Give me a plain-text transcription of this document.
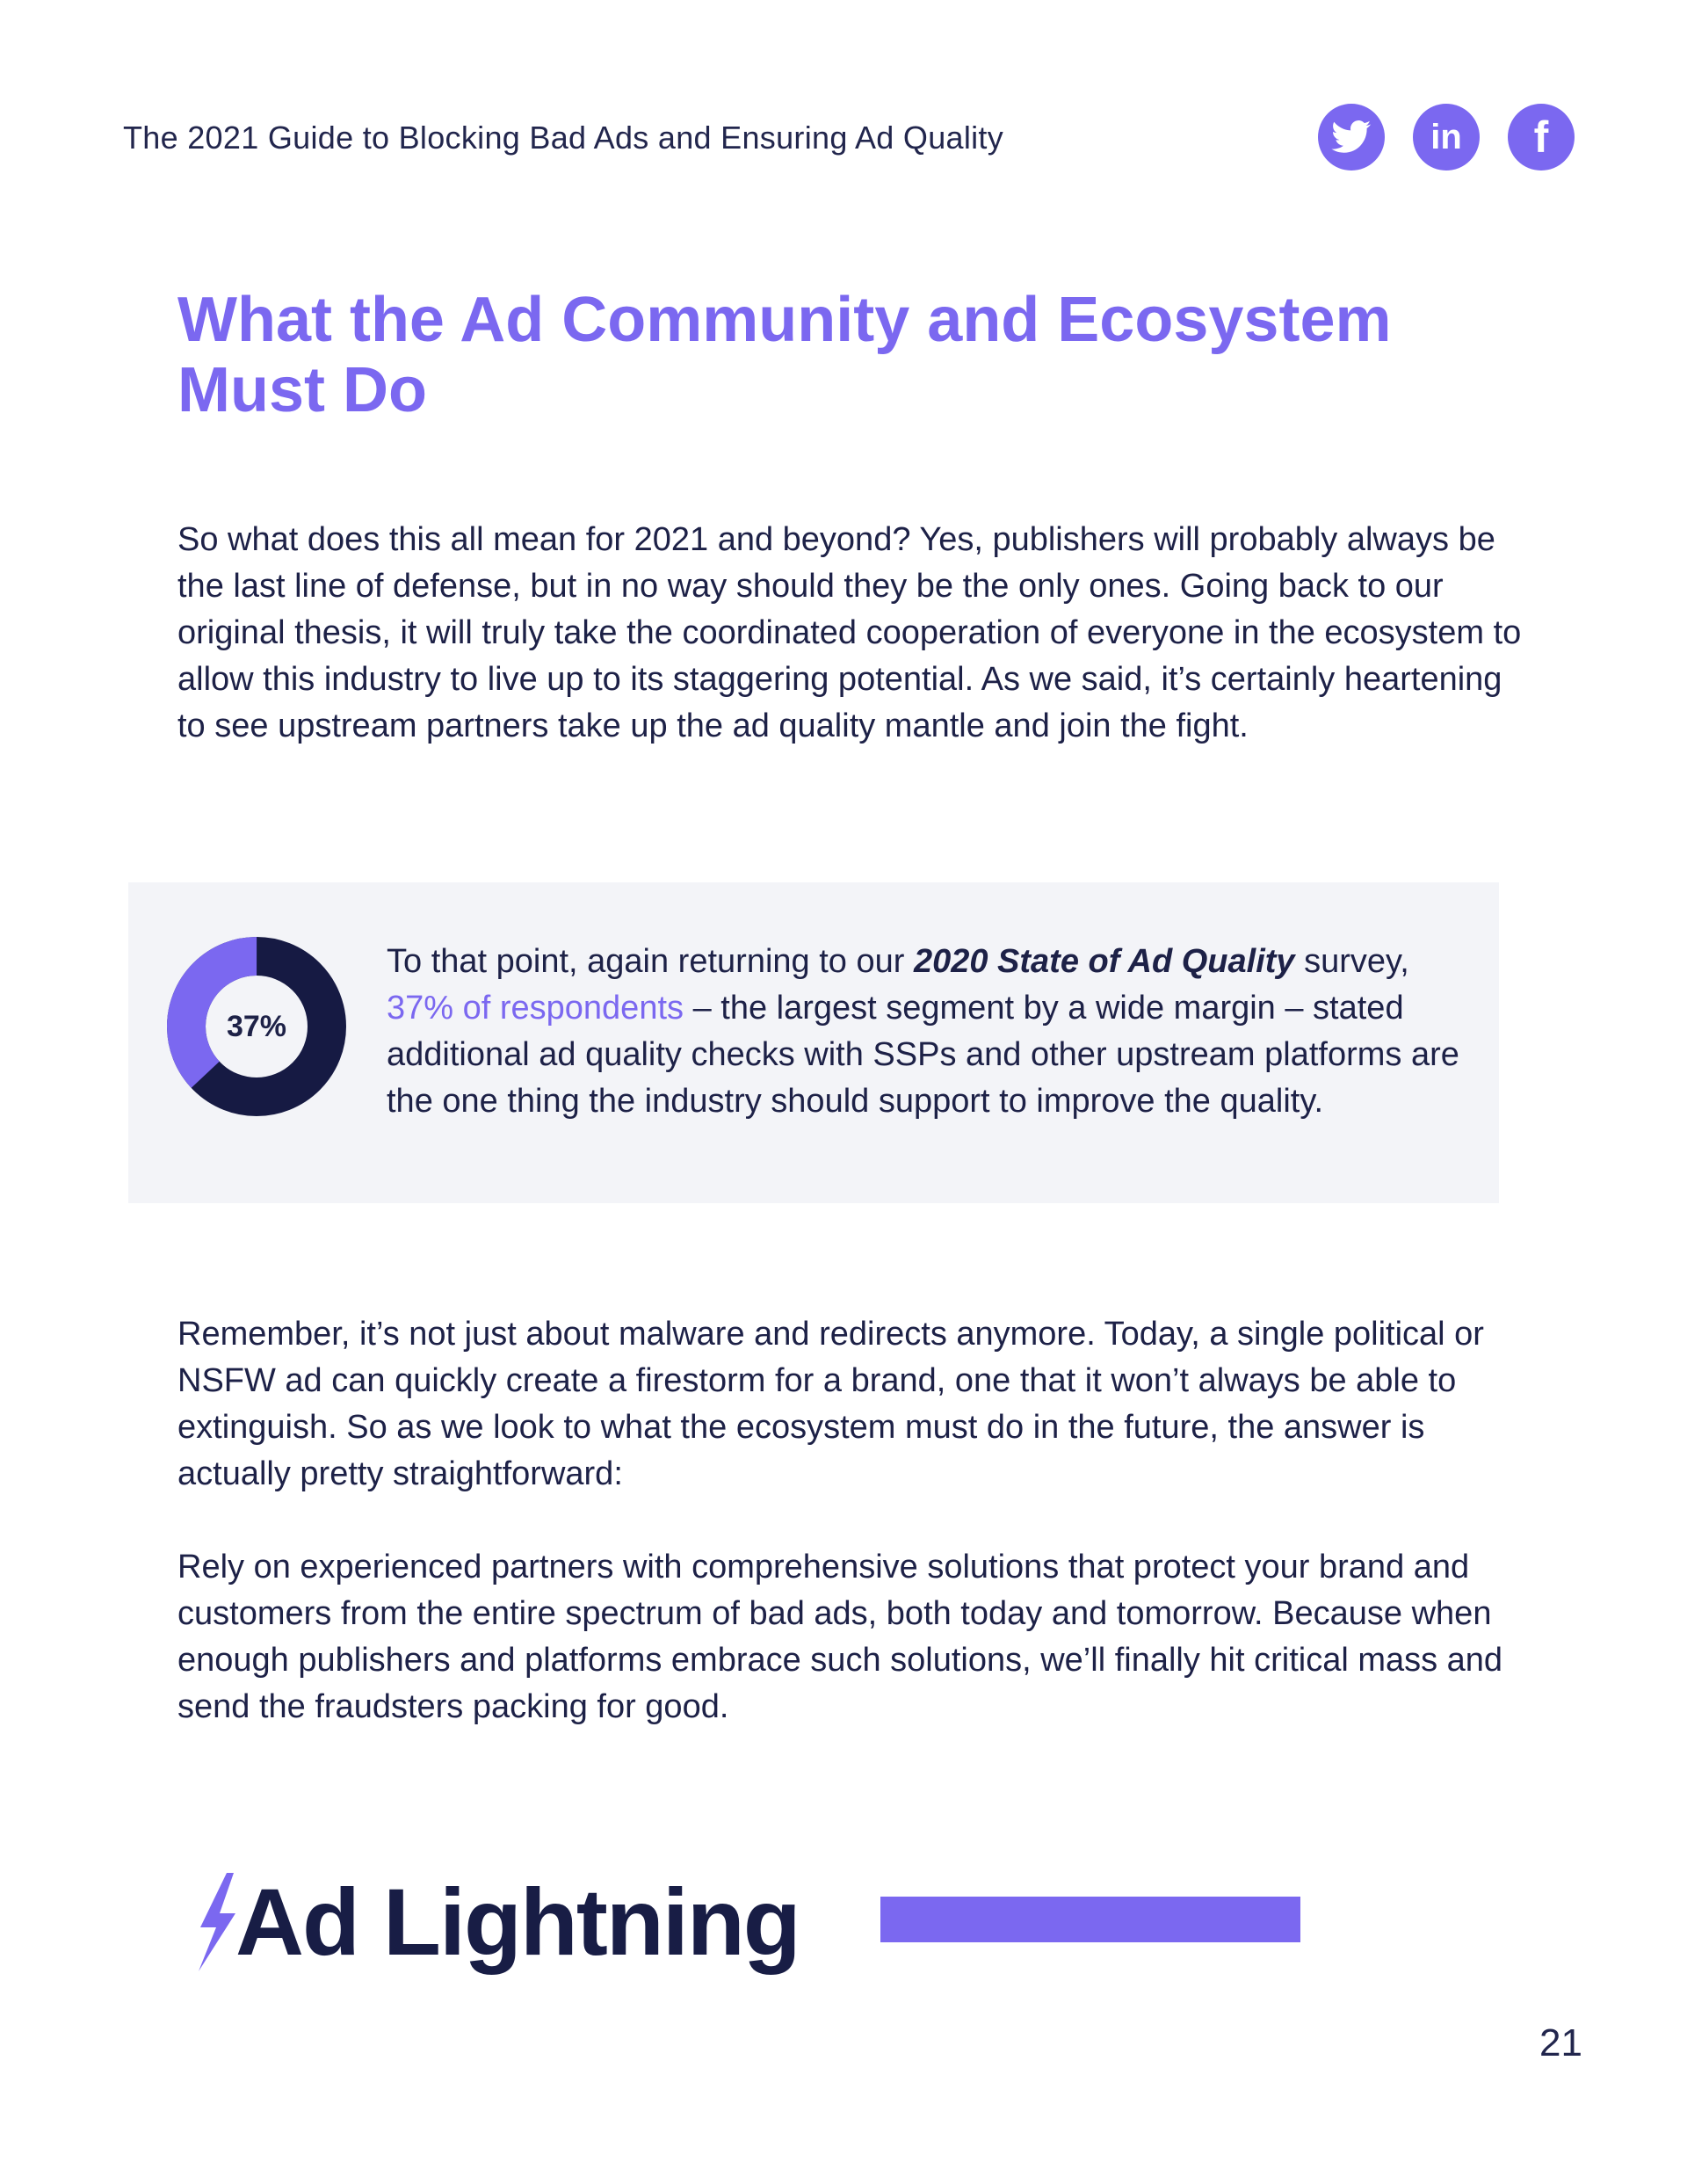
The 2021 Guide to Blocking Bad Ads and Ensuring Ad Quality	in f
What the Ad Community and Ecosystem
Must Do

So what does this all mean for 2021 and beyond? Yes, publishers will probably always be the last line of defense, but in no way should they be the only ones. Going back to our original thesis, it will truly take the coordinated cooperation of everyone in the ecosystem to allow this industry to live up to its staggering potential. As we said, it’s certainly heartening to see upstream partners take up the ad quality mantle and join the fight.

37%

To that point, again returning to our 2020 State of Ad Quality survey, 37% of respondents – the largest segment by a wide margin – stated additional ad quality checks with SSPs and other upstream platforms are the one thing the industry should support to improve the quality.

Remember, it’s not just about malware and redirects anymore. Today, a single political or NSFW ad can quickly create a firestorm for a brand, one that it won’t always be able to extinguish. So as we look to what the ecosystem must do in the future, the answer is actually pretty straightforward:

Rely on experienced partners with comprehensive solutions that protect your brand and customers from the entire spectrum of bad ads, both today and tomorrow. Because when enough publishers and platforms embrace such solutions, we’ll finally hit critical mass and send the fraudsters packing for good.

Ad Lightning
21
